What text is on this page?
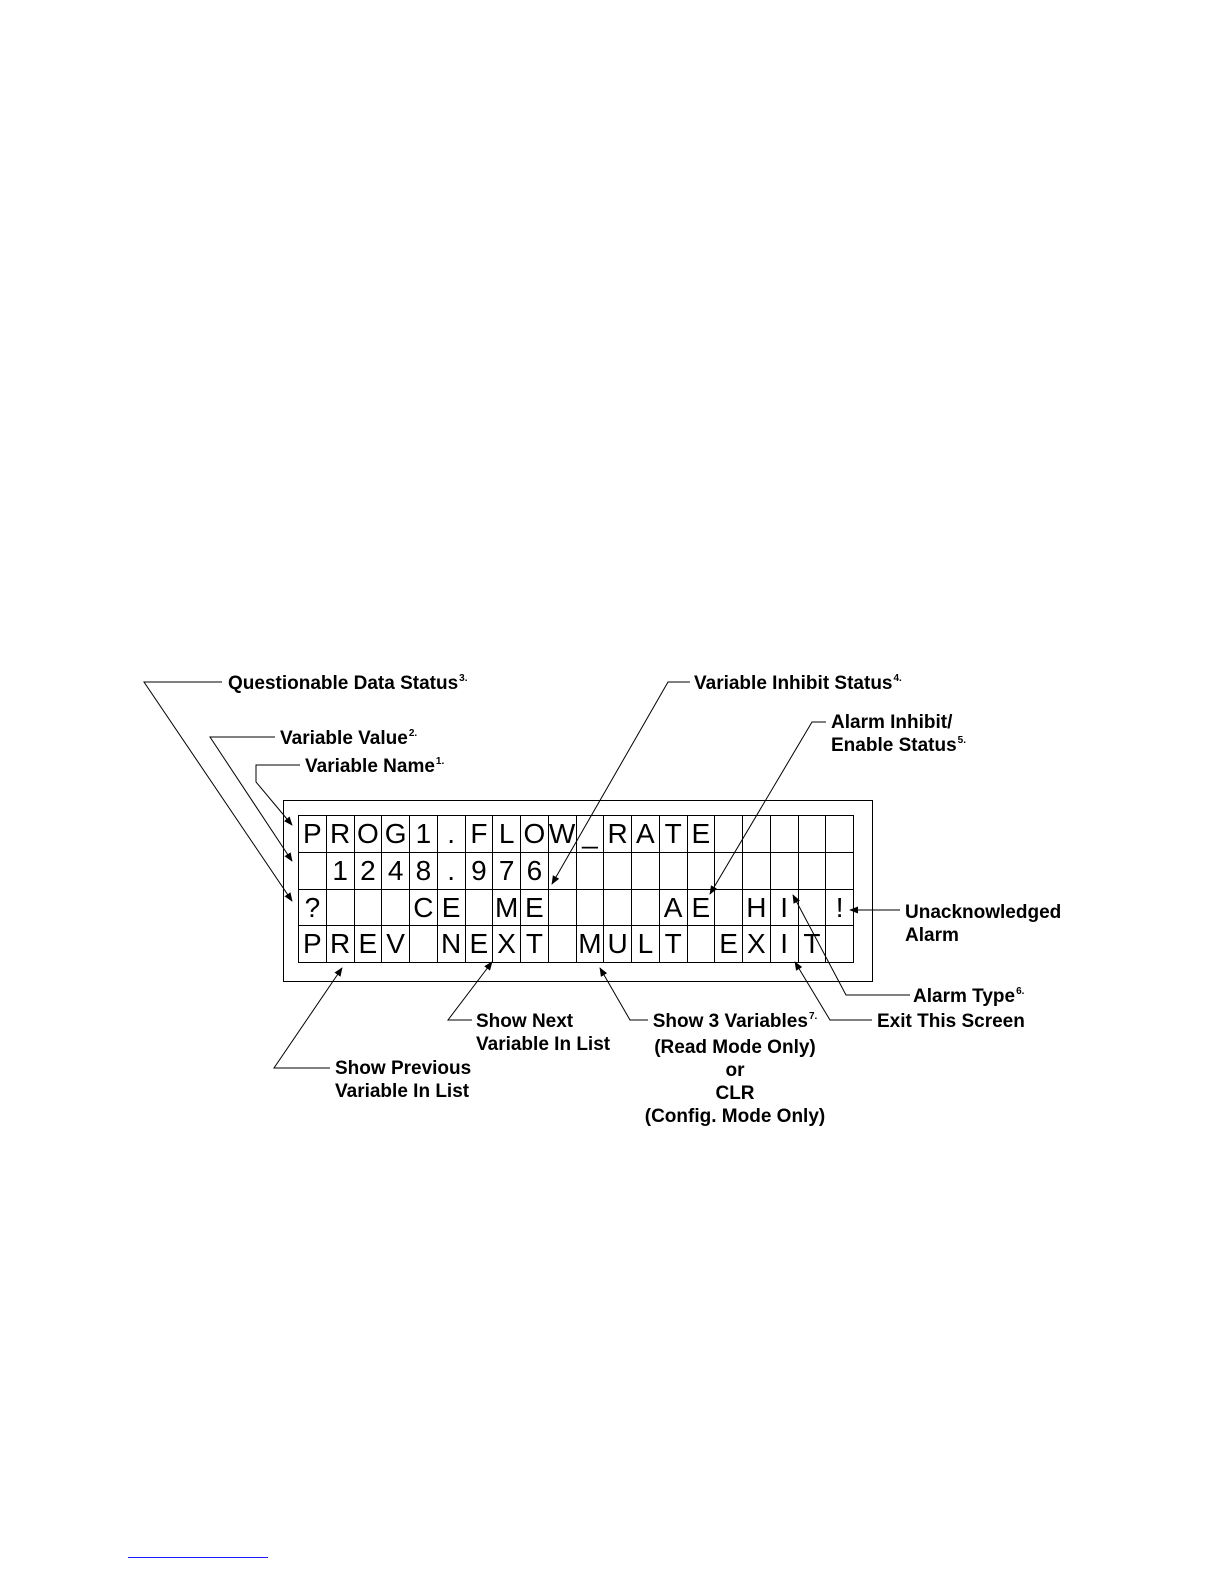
P R O G 1 . F L O W _ R A T E
1 2 4 8 . 9 7 6
?	C E M E	A E H I	!
P R E V N E X T M U L T E X I T
Questionable Data Status$^{3.}$
Variable Value$^{2.}$
Variable Name$^{1.}$
Variable Inhibit Status$^{4.}$
Alarm Inhibit/
Enable Status$^{5.}$
Unacknowledged
Alarm
Alarm Type$^{6.}$
Exit This Screen
Show 3 Variables$^{7.}$
(Read Mode Only)
or
CLR
(Config. Mode Only)
Show Next
Variable In List
Show Previous
Variable In List
